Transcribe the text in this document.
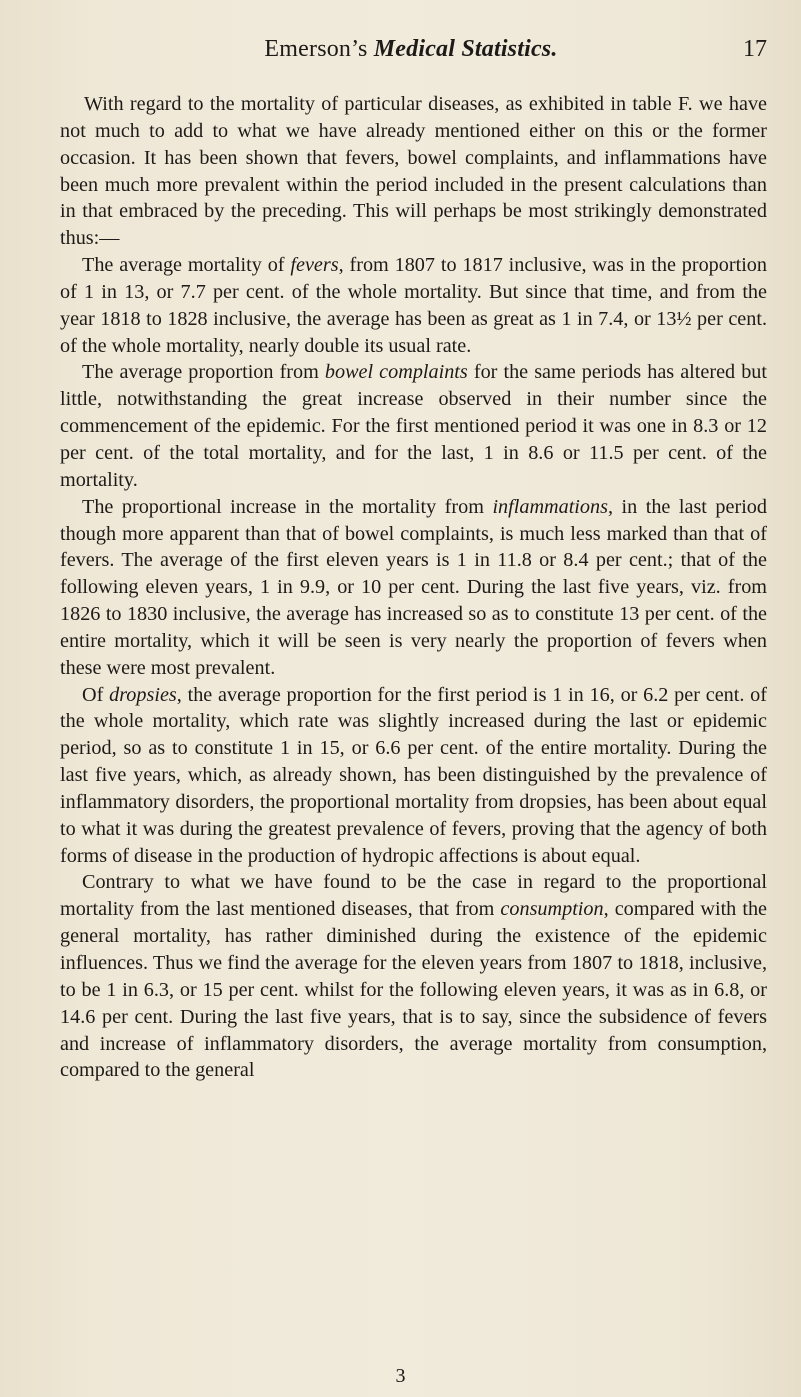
Emerson’s Medical Statistics.	17

With regard to the mortality of particular diseases, as exhibited in table F. we have not much to add to what we have already mentioned either on this or the former occasion. It has been shown that fevers, bowel complaints, and inflammations have been much more prevalent within the period included in the present calculations than in that embraced by the preceding. This will perhaps be most strikingly demonstrated thus:—

The average mortality of fevers, from 1807 to 1817 inclusive, was in the proportion of 1 in 13, or 7.7 per cent. of the whole mortality. But since that time, and from the year 1818 to 1828 inclusive, the average has been as great as 1 in 7.4, or 13½ per cent. of the whole mortality, nearly double its usual rate.

The average proportion from bowel complaints for the same periods has altered but little, notwithstanding the great increase observed in their number since the commencement of the epidemic. For the first mentioned period it was one in 8.3 or 12 per cent. of the total mortality, and for the last, 1 in 8.6 or 11.5 per cent. of the mortality.

The proportional increase in the mortality from inflammations, in the last period though more apparent than that of bowel complaints, is much less marked than that of fevers. The average of the first eleven years is 1 in 11.8 or 8.4 per cent.; that of the following eleven years, 1 in 9.9, or 10 per cent. During the last five years, viz. from 1826 to 1830 inclusive, the average has increased so as to constitute 13 per cent. of the entire mortality, which it will be seen is very nearly the proportion of fevers when these were most prevalent.

Of dropsies, the average proportion for the first period is 1 in 16, or 6.2 per cent. of the whole mortality, which rate was slightly increased during the last or epidemic period, so as to constitute 1 in 15, or 6.6 per cent. of the entire mortality. During the last five years, which, as already shown, has been distinguished by the prevalence of inflammatory disorders, the proportional mortality from dropsies, has been about equal to what it was during the greatest prevalence of fevers, proving that the agency of both forms of disease in the production of hydropic affections is about equal.

Contrary to what we have found to be the case in regard to the proportional mortality from the last mentioned diseases, that from consumption, compared with the general mortality, has rather diminished during the existence of the epidemic influences. Thus we find the average for the eleven years from 1807 to 1818, inclusive, to be 1 in 6.3, or 15 per cent. whilst for the following eleven years, it was as in 6.8, or 14.6 per cent. During the last five years, that is to say, since the subsidence of fevers and increase of inflammatory disorders, the average mortality from consumption, compared to the general

3
